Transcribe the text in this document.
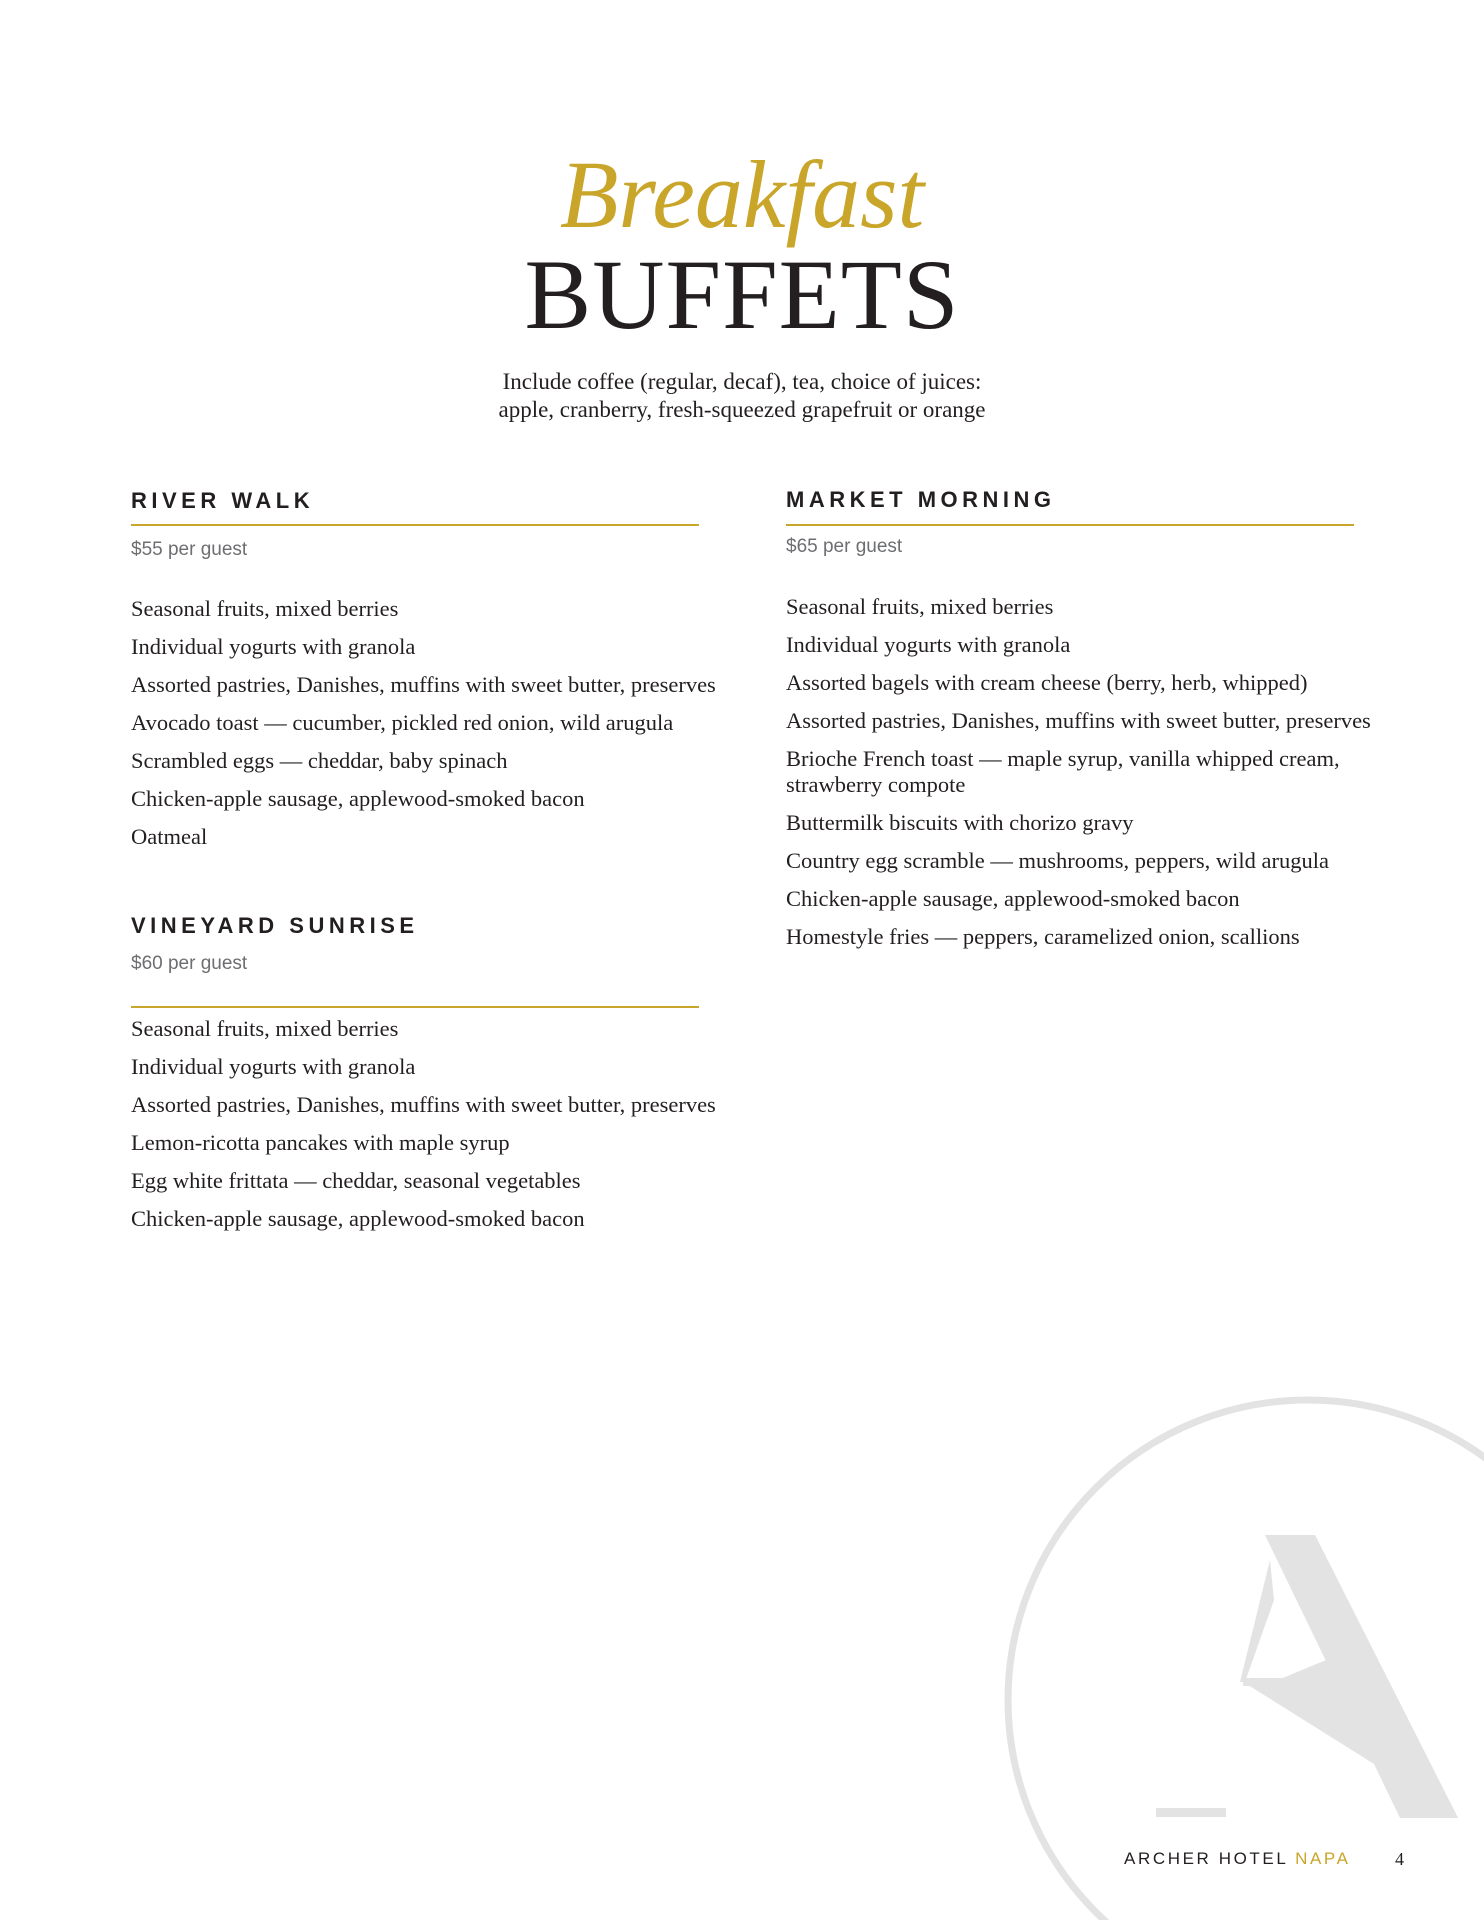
Breakfast
BUFFETS
Include coffee (regular, decaf), tea, choice of juices:
apple, cranberry, fresh-squeezed grapefruit or orange
RIVER WALK
$55 per guest
Seasonal fruits, mixed berries
Individual yogurts with granola
Assorted pastries, Danishes, muffins with sweet butter, preserves
Avocado toast — cucumber, pickled red onion, wild arugula
Scrambled eggs — cheddar, baby spinach
Chicken-apple sausage, applewood-smoked bacon
Oatmeal
MARKET MORNING
$65 per guest
Seasonal fruits, mixed berries
Individual yogurts with granola
Assorted bagels with cream cheese (berry, herb, whipped)
Assorted pastries, Danishes, muffins with sweet butter, preserves
Brioche French toast — maple syrup, vanilla whipped cream, strawberry compote
Buttermilk biscuits with chorizo gravy
Country egg scramble — mushrooms, peppers, wild arugula
Chicken-apple sausage, applewood-smoked bacon
Homestyle fries — peppers, caramelized onion, scallions
VINEYARD SUNRISE
$60 per guest
Seasonal fruits, mixed berries
Individual yogurts with granola
Assorted pastries, Danishes, muffins with sweet butter, preserves
Lemon-ricotta pancakes with maple syrup
Egg white frittata — cheddar, seasonal vegetables
Chicken-apple sausage, applewood-smoked bacon
ARCHER HOTEL NAPA 4
